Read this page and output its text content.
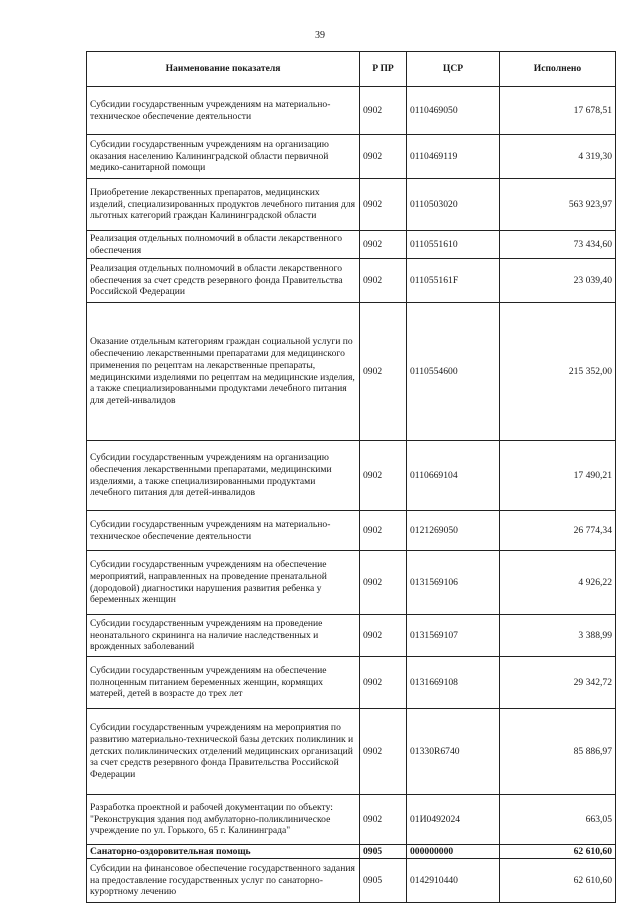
39
Наименование показателя	Р ПР	ЦСР	Исполнено
Субсидии государственным учреждениям на материально-техническое обеспечение деятельности	0902	0110469050	17 678,51
Субсидии государственным учреждениям на организацию оказания населению Калининградской области первичной медико-санитарной помощи	0902	0110469119	4 319,30
Приобретение лекарственных препаратов, медицинских изделий, специализированных продуктов лечебного питания для льготных категорий граждан Калининградской области	0902	0110503020	563 923,97
Реализация отдельных полномочий в области лекарственного обеспечения	0902	0110551610	73 434,60
Реализация отдельных полномочий в области лекарственного обеспечения за счет средств резервного фонда Правительства Российской Федерации	0902	011055161F	23 039,40
Оказание отдельным категориям граждан социальной услуги по обеспечению лекарственными препаратами для медицинского применения по рецептам на лекарственные препараты, медицинскими изделиями по рецептам на медицинские изделия, а также специализированными продуктами лечебного питания для детей-инвалидов	0902	0110554600	215 352,00
Субсидии государственным учреждениям на организацию обеспечения лекарственными препаратами, медицинскими изделиями, а также специализированными продуктами лечебного питания для детей-инвалидов	0902	0110669104	17 490,21
Субсидии государственным учреждениям на материально-техническое обеспечение деятельности	0902	0121269050	26 774,34
Субсидии государственным учреждениям на обеспечение мероприятий, направленных на проведение пренатальной (дородовой) диагностики нарушения развития ребенка у беременных женщин	0902	0131569106	4 926,22
Субсидии государственным учреждениям на проведение неонатального скрининга на наличие наследственных и врожденных заболеваний	0902	0131569107	3 388,99
Субсидии государственным учреждениям на обеспечение полноценным питанием беременных женщин, кормящих матерей, детей в возрасте до трех лет	0902	0131669108	29 342,72
Субсидии государственным учреждениям на мероприятия по развитию материально-технической базы детских поликлиник и детских поликлинических отделений медицинских организаций за счет средств резервного фонда Правительства Российской Федерации	0902	01330R6740	85 886,97
Разработка проектной и рабочей документации по объекту: "Реконструкция здания под амбулаторно-поликлиническое учреждение по ул. Горького, 65 г. Калининграда"	0902	01И0492024	663,05
Санаторно-оздоровительная помощь	0905	000000000	62 610,60
Субсидии на финансовое обеспечение государственного задания на предоставление государственных услуг по санаторно-курортному лечению	0905	0142910440	62 610,60
